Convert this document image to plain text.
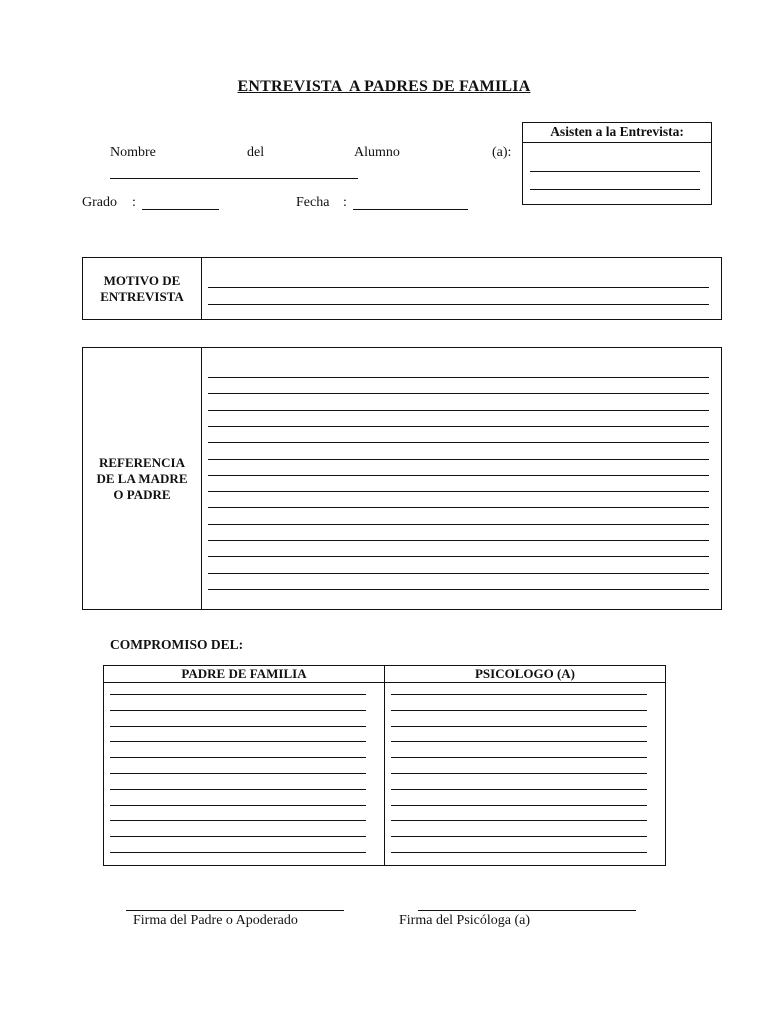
ENTREVISTA  A PADRES DE FAMILIA
Nombre	del	Alumno	(a):
Grado :	Fecha :
Asisten a la Entrevista:
MOTIVO DE
ENTREVISTA
REFERENCIA
DE LA MADRE
O PADRE
COMPROMISO DEL:
PADRE DE FAMILIA	PSICOLOGO (A)
Firma del Padre o Apoderado	Firma del Psicóloga (a)
